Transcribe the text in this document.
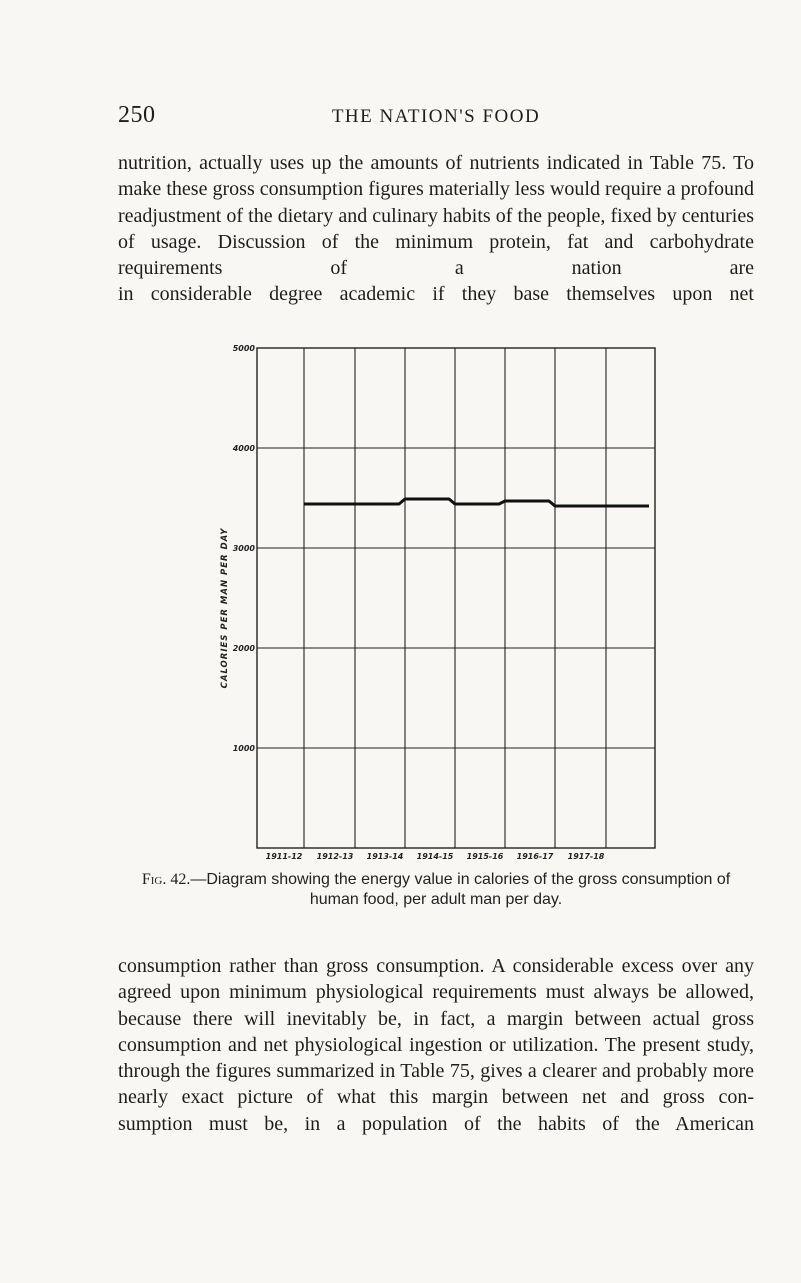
250	THE NATION'S FOOD

nutrition, actually uses up the amounts of nutrients indicated in Table 75. To make these gross consumption figures materially less would require a profound readjustment of the dietary and culinary habits of the people, fixed by centuries of usage. Discussion of the minimum protein, fat and carbohydrate requirements of a nation are
in considerable degree academic if they base themselves upon net

1000
2000
3000
4000
5000
1911-12 1912-13 1913-14 1914-15 1915-16 1916-17 1917-18
CALORIES PER MAN PER DAY

Fig. 42.—Diagram showing the energy value in calories of the gross consumption of human food, per adult man per day.

consumption rather than gross consumption. A considerable excess over any agreed upon minimum physiological requirements must always be allowed, because there will inevitably be, in fact, a margin between actual gross consumption and net physiological ingestion or utilization. The present study, through the figures summarized in Table 75, gives a clearer and probably more nearly exact picture of what this margin between net and gross con-
sumption must be, in a population of the habits of the American
